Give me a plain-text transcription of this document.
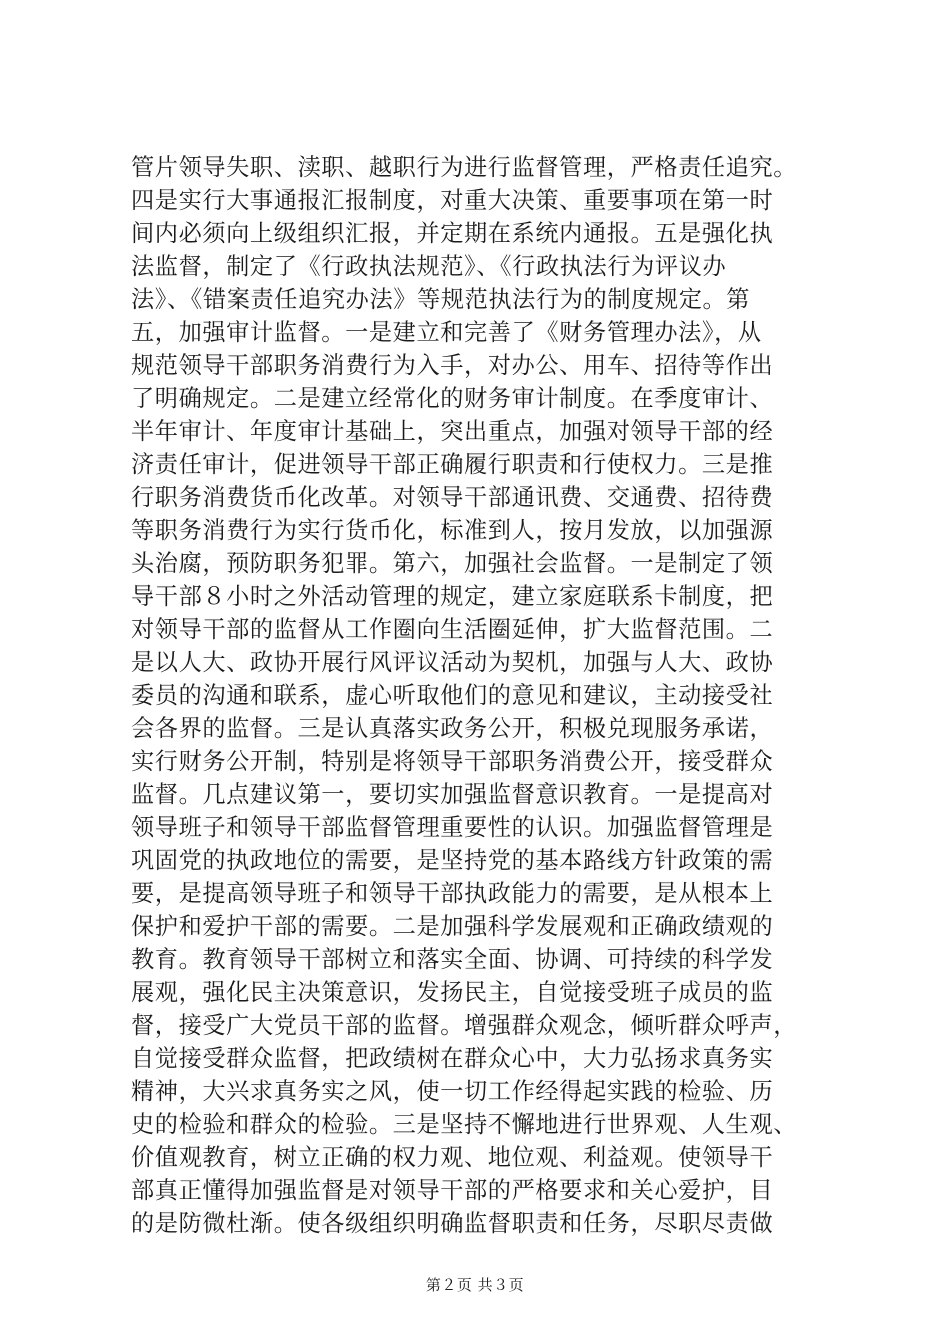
管片领导失职、渎职、越职行为进行监督管理，严格责任追究。
四是实行大事通报汇报制度，对重大决策、重要事项在第一时
间内必须向上级组织汇报，并定期在系统内通报。五是强化执
法监督，制定了《行政执法规范》、《行政执法行为评议办
法》、《错案责任追究办法》等规范执法行为的制度规定。第
五，加强审计监督。一是建立和完善了《财务管理办法》，从
规范领导干部职务消费行为入手，对办公、用车、招待等作出
了明确规定。二是建立经常化的财务审计制度。在季度审计、
半年审计、年度审计基础上，突出重点，加强对领导干部的经
济责任审计，促进领导干部正确履行职责和行使权力。三是推
行职务消费货币化改革。对领导干部通讯费、交通费、招待费
等职务消费行为实行货币化，标准到人，按月发放，以加强源
头治腐，预防职务犯罪。第六，加强社会监督。一是制定了领
导干部８小时之外活动管理的规定，建立家庭联系卡制度，把
对领导干部的监督从工作圈向生活圈延伸，扩大监督范围。二
是以人大、政协开展行风评议活动为契机，加强与人大、政协
委员的沟通和联系，虚心听取他们的意见和建议，主动接受社
会各界的监督。三是认真落实政务公开，积极兑现服务承诺，
实行财务公开制，特别是将领导干部职务消费公开，接受群众
监督。几点建议第一，要切实加强监督意识教育。一是提高对
领导班子和领导干部监督管理重要性的认识。加强监督管理是
巩固党的执政地位的需要，是坚持党的基本路线方针政策的需
要，是提高领导班子和领导干部执政能力的需要，是从根本上
保护和爱护干部的需要。二是加强科学发展观和正确政绩观的
教育。教育领导干部树立和落实全面、协调、可持续的科学发
展观，强化民主决策意识，发扬民主，自觉接受班子成员的监
督，接受广大党员干部的监督。增强群众观念，倾听群众呼声，
自觉接受群众监督，把政绩树在群众心中，大力弘扬求真务实
精神，大兴求真务实之风，使一切工作经得起实践的检验、历
史的检验和群众的检验。三是坚持不懈地进行世界观、人生观、
价值观教育，树立正确的权力观、地位观、利益观。使领导干
部真正懂得加强监督是对领导干部的严格要求和关心爱护，目
的是防微杜渐。使各级组织明确监督职责和任务，尽职尽责做
第２页 共３页
